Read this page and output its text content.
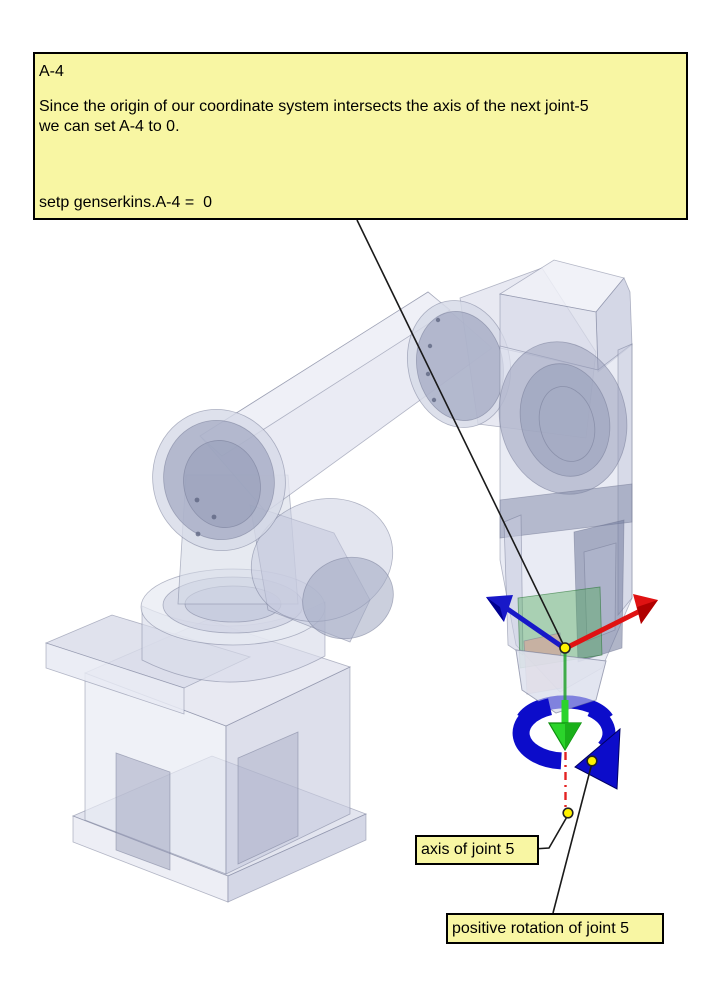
A-4
Since the origin of our coordinate system intersects the axis of the next joint-5
we can set A-4 to 0.
setp genserkins.A-4 =  0
axis of joint 5
positive rotation of joint 5
